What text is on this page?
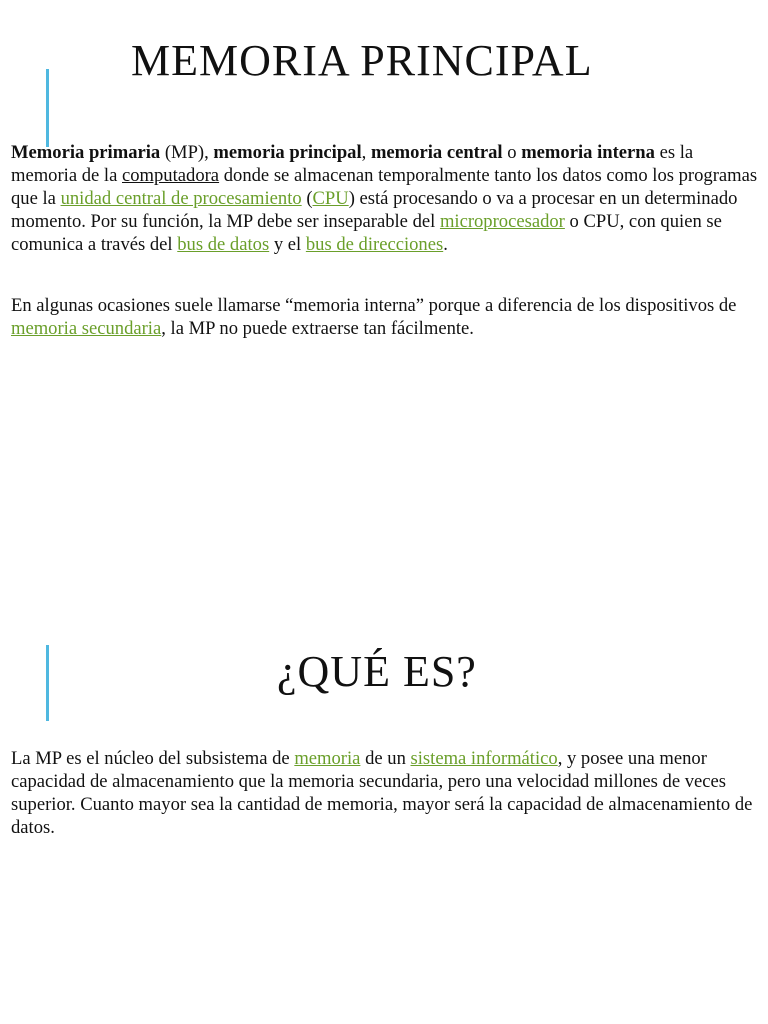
MEMORIA PRINCIPAL

Memoria primaria (MP), memoria principal, memoria central o memoria interna es la memoria de la computadora donde se almacenan temporalmente tanto los datos como los programas que la unidad central de procesamiento (CPU) está procesando o va a procesar en un determinado momento. Por su función, la MP debe ser inseparable del microprocesador o CPU, con quien se comunica a través del bus de datos y el bus de direcciones.

En algunas ocasiones suele llamarse “memoria interna” porque a diferencia de los dispositivos de memoria secundaria, la MP no puede extraerse tan fácilmente.

¿QUÉ ES?

La MP es el núcleo del subsistema de memoria de un sistema informático, y posee una menor capacidad de almacenamiento que la memoria secundaria, pero una velocidad millones de veces superior. Cuanto mayor sea la cantidad de memoria, mayor será la capacidad de almacenamiento de datos.
